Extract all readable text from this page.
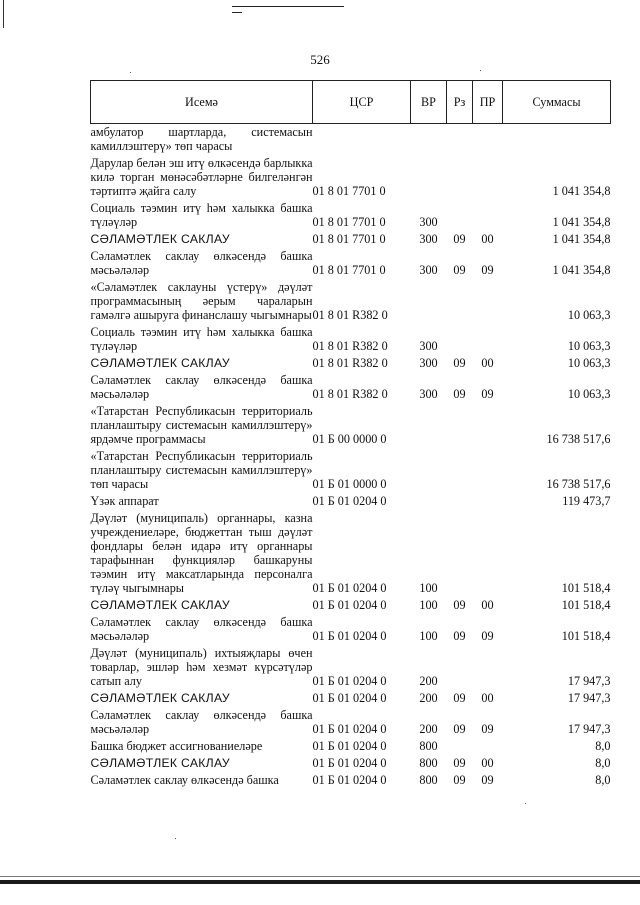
526
Исемә	ЦСР	ВР	Рз	ПР	Суммасы
амбулатор шартларда, системасын камиллэштерү» төп чарасы					
Дарулар белән эш итү өлкәсендә барлыкка килә торган мөнәсәбәтләрне билгеләнгән тәртиптә җайга салу	01 8 01 7701 0				1 041 354,8
Социаль тәэмин итү һәм халыкка башка түләүләр	01 8 01 7701 0	300			1 041 354,8
СӘЛАМӘТЛЕК САКЛАУ	01 8 01 7701 0	300	09	00	1 041 354,8
Сәламәтлек саклау өлкәсендә башка мәсьәләләр	01 8 01 7701 0	300	09	09	1 041 354,8
«Сәламәтлек саклауны үстерү» дәүләт программасының әерым чараларын гамәлгә ашыруга финанслашу чыгымнары	01 8 01 R382 0				10 063,3
Социаль тәэмин итү һәм халыкка башка түләүләр	01 8 01 R382 0	300			10 063,3
СӘЛАМӘТЛЕК САКЛАУ	01 8 01 R382 0	300	09	00	10 063,3
Сәламәтлек саклау өлкәсендә башка мәсьәләләр	01 8 01 R382 0	300	09	09	10 063,3
«Татарстан Республикасын территориаль планлаштыру системасын камиллэштерү» ярдәмче программасы	01 Б 00 0000 0				16 738 517,6
«Татарстан Республикасын территориаль планлаштыру системасын камиллэштерү» төп чарасы	01 Б 01 0000 0				16 738 517,6
Үзәк аппарат	01 Б 01 0204 0				119 473,7
Дәүләт (муниципаль) органнары, казна учреждениеләре, бюджеттан тыш дәүләт фондлары белән идарә итү органнары тарафыннан функцияләр башкаруны тәэмин итү максатларында персоналга түләү чыгымнары	01 Б 01 0204 0	100			101 518,4
СӘЛАМӘТЛЕК САКЛАУ	01 Б 01 0204 0	100	09	00	101 518,4
Сәламәтлек саклау өлкәсендә башка мәсьәләләр	01 Б 01 0204 0	100	09	09	101 518,4
Дәүләт (муниципаль) ихтыяҗлары өчен товарлар, эшләр һәм хезмәт күрсәтүләр сатып алу	01 Б 01 0204 0	200			17 947,3
СӘЛАМӘТЛЕК САКЛАУ	01 Б 01 0204 0	200	09	00	17 947,3
Сәламәтлек саклау өлкәсендә башка мәсьәләләр	01 Б 01 0204 0	200	09	09	17 947,3
Башка бюджет ассигнованиеләре	01 Б 01 0204 0	800			8,0
СӘЛАМӘТЛЕК САКЛАУ	01 Б 01 0204 0	800	09	00	8,0
Сәламәтлек саклау өлкәсендә башка	01 Б 01 0204 0	800	09	09	8,0
